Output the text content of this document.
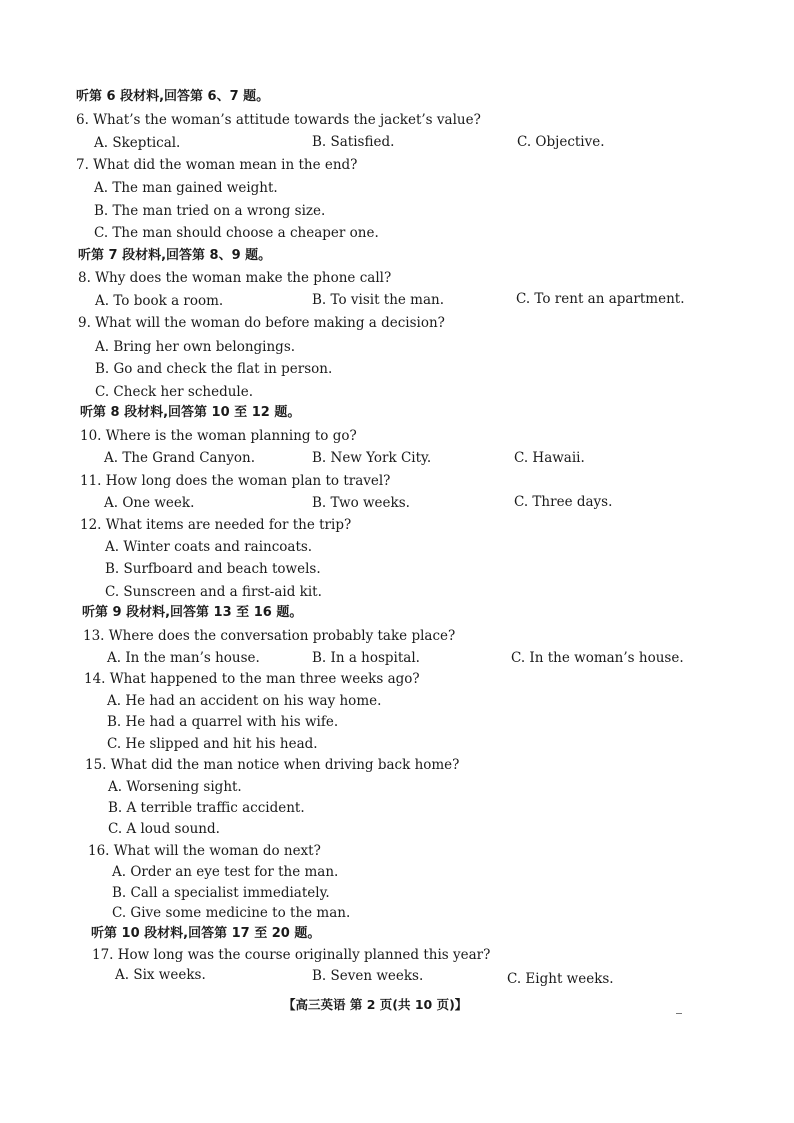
听第 6 段材料,回答第 6、7 题。
6. What’s the woman’s attitude towards the jacket’s value?
A. Skeptical.	B. Satisfied.	C. Objective.
7. What did the woman mean in the end?
A. The man gained weight.
B. The man tried on a wrong size.
C. The man should choose a cheaper one.
听第 7 段材料,回答第 8、9 题。
8. Why does the woman make the phone call?
A. To book a room.	B. To visit the man.	C. To rent an apartment.
9. What will the woman do before making a decision?
A. Bring her own belongings.
B. Go and check the flat in person.
C. Check her schedule.
听第 8 段材料,回答第 10 至 12 题。
10. Where is the woman planning to go?
A. The Grand Canyon.	B. New York City.	C. Hawaii.
11. How long does the woman plan to travel?
A. One week.	B. Two weeks.	C. Three days.
12. What items are needed for the trip?
A. Winter coats and raincoats.
B. Surfboard and beach towels.
C. Sunscreen and a first-aid kit.
听第 9 段材料,回答第 13 至 16 题。
13. Where does the conversation probably take place?
A. In the man’s house.	B. In a hospital.	C. In the woman’s house.
14. What happened to the man three weeks ago?
A. He had an accident on his way home.
B. He had a quarrel with his wife.
C. He slipped and hit his head.
15. What did the man notice when driving back home?
A. Worsening sight.
B. A terrible traffic accident.
C. A loud sound.
16. What will the woman do next?
A. Order an eye test for the man.
B. Call a specialist immediately.
C. Give some medicine to the man.
听第 10 段材料,回答第 17 至 20 题。
17. How long was the course originally planned this year?
A. Six weeks.	B. Seven weeks.	C. Eight weeks.
【高三英语 第 2 页(共 10 页)】
